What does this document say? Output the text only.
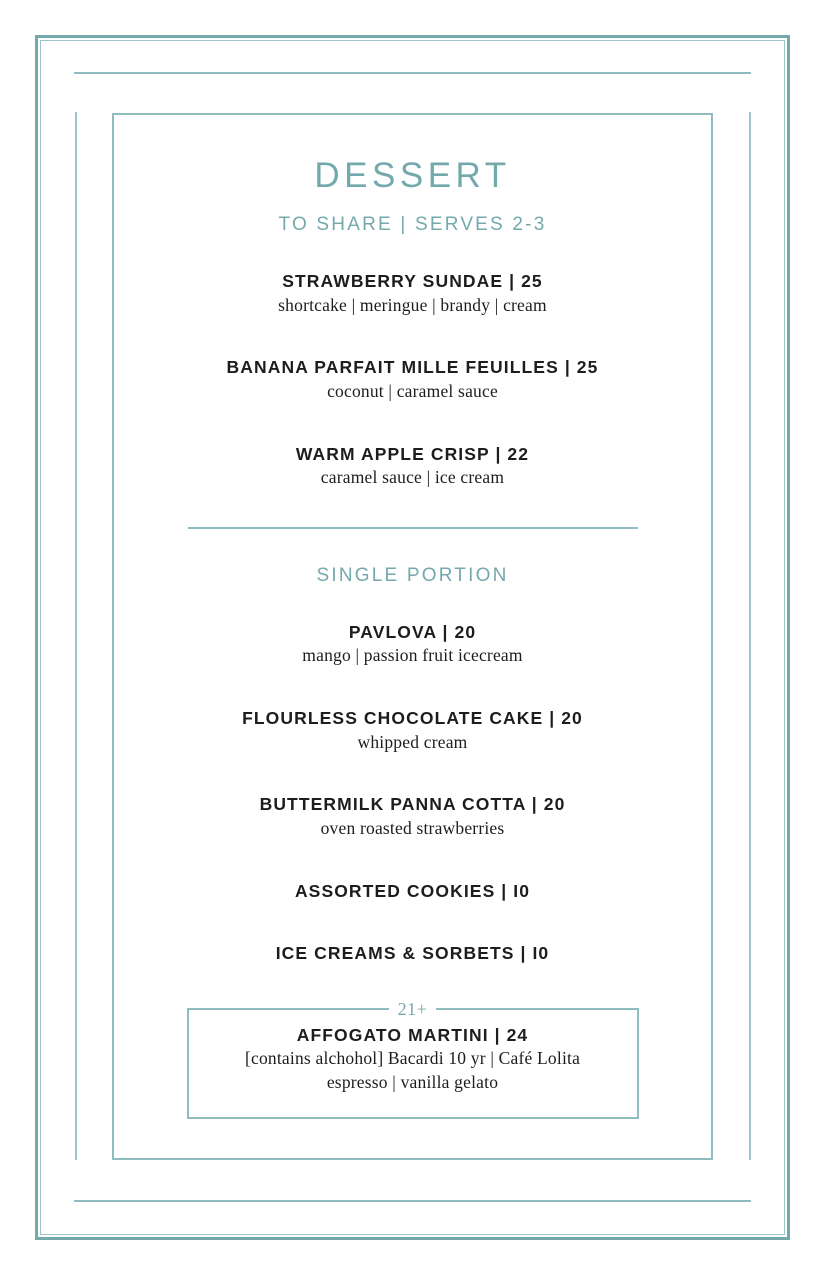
DESSERT

TO SHARE | SERVES 2-3

STRAWBERRY SUNDAE | 25

shortcake | meringue | brandy | cream

BANANA PARFAIT MILLE FEUILLES | 25

coconut | caramel sauce

WARM APPLE CRISP | 22

caramel sauce | ice cream

SINGLE PORTION

PAVLOVA | 20

mango | passion fruit icecream

FLOURLESS CHOCOLATE CAKE | 20

whipped cream

BUTTERMILK PANNA COTTA | 20

oven roasted strawberries

ASSORTED COOKIES | I0

ICE CREAMS & SORBETS | I0

21+

AFFOGATO MARTINI | 24

[contains alchohol] Bacardi 10 yr | Café Lolita

espresso | vanilla gelato
